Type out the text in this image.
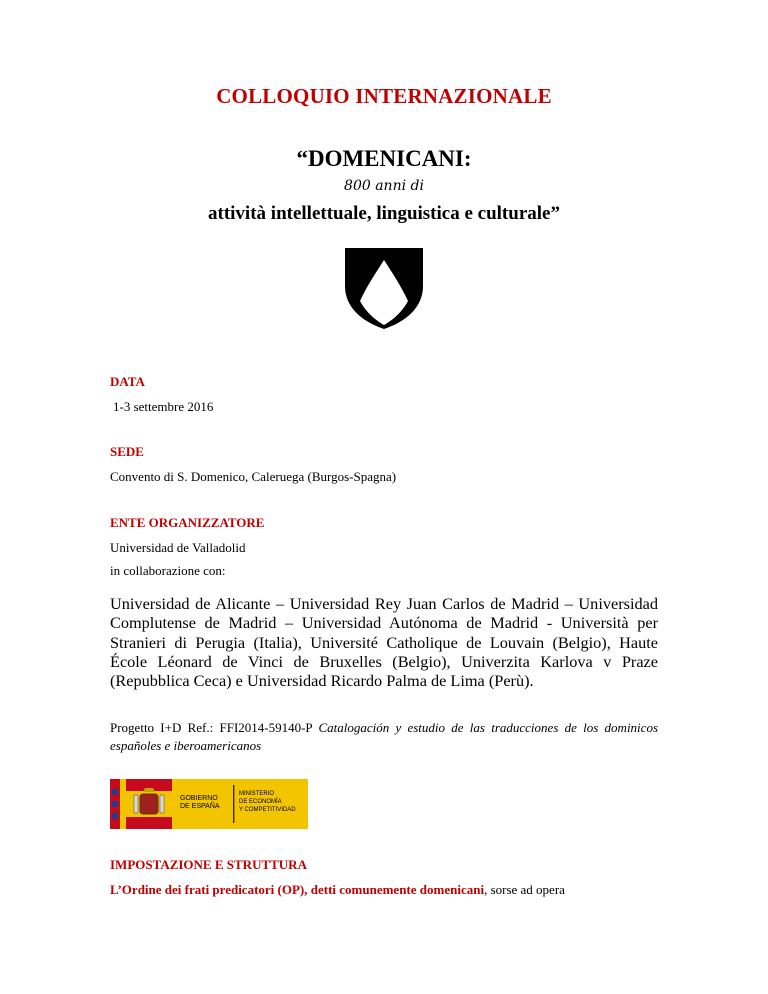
COLLOQUIO INTERNAZIONALE
“DOMENICANI:
800 anni di
attività intellettuale, linguistica e culturale”
DATA
1-3 settembre 2016
SEDE
Convento di S. Domenico, Caleruega (Burgos-Spagna)
ENTE ORGANIZZATORE
Universidad de Valladolid
in collaborazione con:
Universidad de Alicante – Universidad Rey Juan Carlos de Madrid – Universidad Complutense de Madrid – Universidad Autónoma de Madrid - Università per Stranieri di Perugia (Italia), Université Catholique de Louvain (Belgio), Haute École Léonard de Vinci de Bruxelles (Belgio), Univerzita Karlova v Praze (Repubblica Ceca) e Universidad Ricardo Palma de Lima (Perù).
Progetto I+D Ref.: FFI2014-59140-P Catalogación y estudio de las traducciones de los dominicos españoles e iberoamericanos
GOBIERNO
DE ESPAÑA
MINISTERIO
DE ECONOMÍA
Y COMPETITIVIDAD
IMPOSTAZIONE E STRUTTURA
L’Ordine dei frati predicatori (OP), detti comunemente domenicani, sorse ad opera
